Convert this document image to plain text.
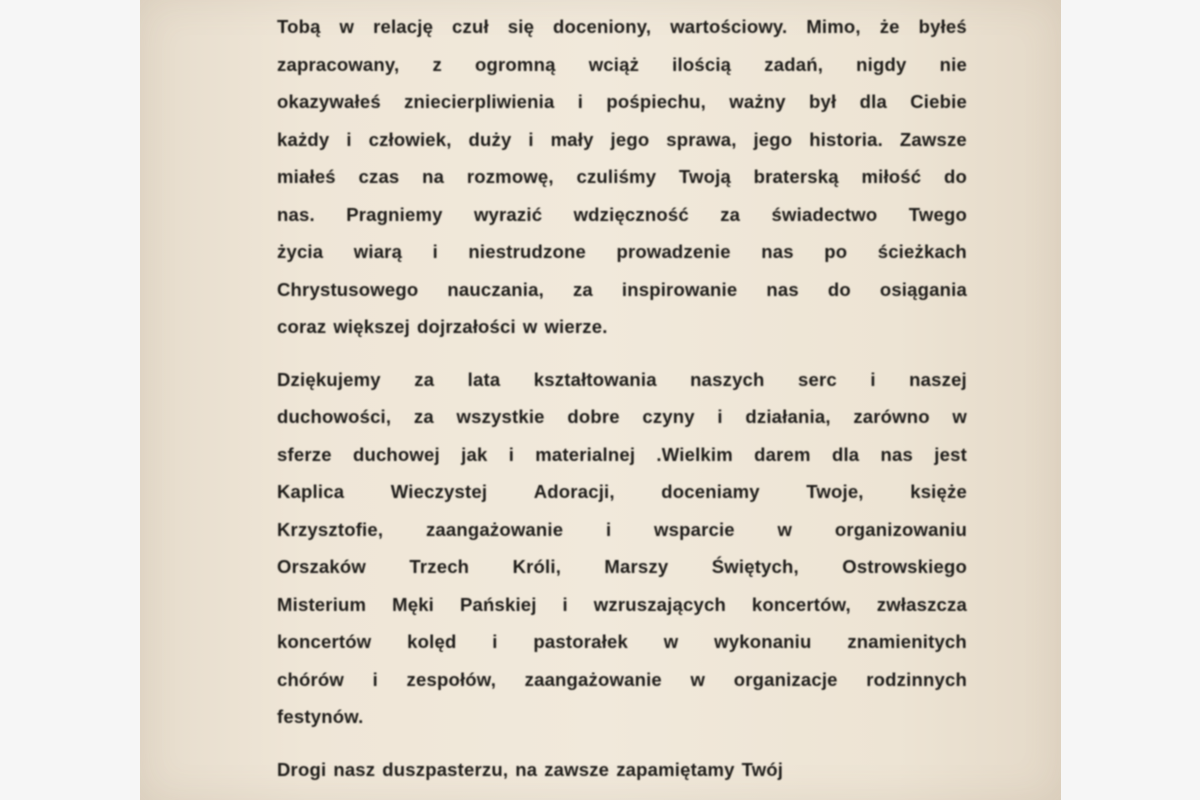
Tobą w relację czuł się doceniony, wartościowy. Mimo, że byłeś
zapracowany, z ogromną wciąż ilością zadań, nigdy nie
okazywałeś zniecierpliwienia i pośpiechu, ważny był dla Ciebie
każdy i człowiek, duży i mały jego sprawa, jego historia. Zawsze
miałeś czas na rozmowę, czuliśmy Twoją braterską miłość do
nas. Pragniemy wyrazić wdzięczność za świadectwo Twego
życia wiarą i niestrudzone prowadzenie nas po ścieżkach
Chrystusowego nauczania, za inspirowanie nas do osiągania
coraz większej dojrzałości w wierze.
Dziękujemy za lata kształtowania naszych serc i naszej
duchowości, za wszystkie dobre czyny i działania, zarówno w
sferze duchowej jak i materialnej .Wielkim darem dla nas jest
Kaplica	Wieczystej	Adoracji,	doceniamy	Twoje,	księże
Krzysztofie, zaangażowanie i wsparcie w organizowaniu
Orszaków Trzech Króli, Marszy Świętych, Ostrowskiego
Misterium Męki Pańskiej i wzruszających koncertów, zwłaszcza
koncertów kolęd i pastorałek w wykonaniu znamienitych
chórów i zespołów, zaangażowanie w organizacje rodzinnych
festynów.
Drogi nasz duszpasterzu, na zawsze zapamiętamy Twój
